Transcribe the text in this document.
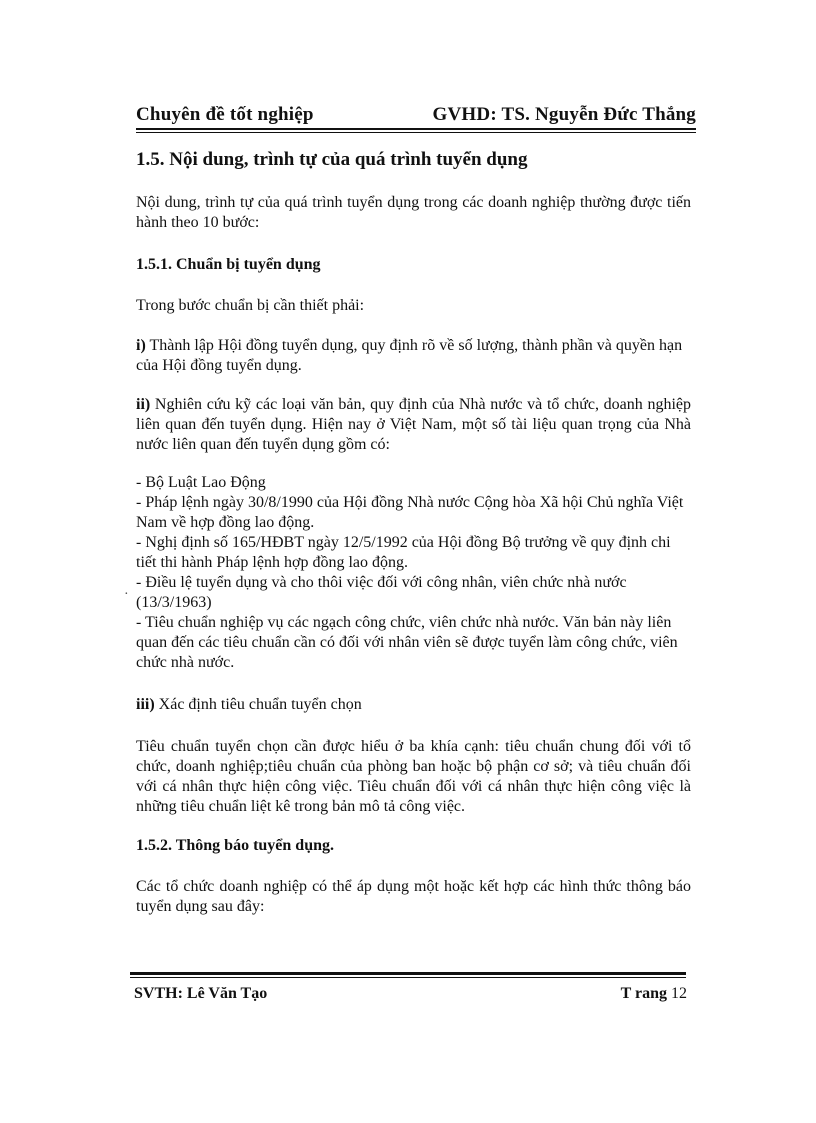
Chuyên đề tốt nghiệp	GVHD: TS. Nguyễn Đức Thắng
1.5. Nội dung, trình tự của quá trình tuyển dụng
Nội dung, trình tự của quá trình tuyển dụng trong các doanh nghiệp thường được tiến hành theo 10 bước:
1.5.1. Chuẩn bị tuyển dụng
Trong bước chuẩn bị cần thiết phải:
i) Thành lập Hội đồng tuyển dụng, quy định rõ về số lượng, thành phần và quyền hạn của Hội đồng tuyển dụng.
ii) Nghiên cứu kỹ các loại văn bản, quy định của Nhà nước và tổ chức, doanh nghiệp liên quan đến tuyển dụng. Hiện nay ở Việt Nam, một số tài liệu quan trọng của Nhà nước liên quan đến tuyển dụng gồm có:
- Bộ Luật Lao Động
- Pháp lệnh ngày 30/8/1990 của Hội đồng Nhà nước Cộng hòa Xã hội Chủ nghĩa Việt Nam về hợp đồng lao động.
- Nghị định số 165/HĐBT ngày 12/5/1992 của Hội đồng Bộ trưởng về quy định chi tiết thi hành Pháp lệnh hợp đồng lao động.
- Điều lệ tuyển dụng và cho thôi việc đối với công nhân, viên chức nhà nước (13/3/1963)
- Tiêu chuẩn nghiệp vụ các ngạch công chức, viên chức nhà nước. Văn bản này liên quan đến các tiêu chuẩn cần có đối với nhân viên sẽ được tuyển làm công chức, viên chức nhà nước.
·
iii) Xác định tiêu chuẩn tuyển chọn
Tiêu chuẩn tuyển chọn cần được hiểu ở ba khía cạnh: tiêu chuẩn chung đối với tổ chức, doanh nghiệp;tiêu chuẩn của phòng ban hoặc bộ phận cơ sở; và tiêu chuẩn đối với cá nhân thực hiện công việc. Tiêu chuẩn đối với cá nhân thực hiện công việc là những tiêu chuẩn liệt kê trong bản mô tả công việc.
1.5.2. Thông báo tuyển dụng.
Các tổ chức doanh nghiệp có thể áp dụng một hoặc kết hợp các hình thức thông báo tuyển dụng sau đây:
SVTH: Lê Văn Tạo	T rang 12
